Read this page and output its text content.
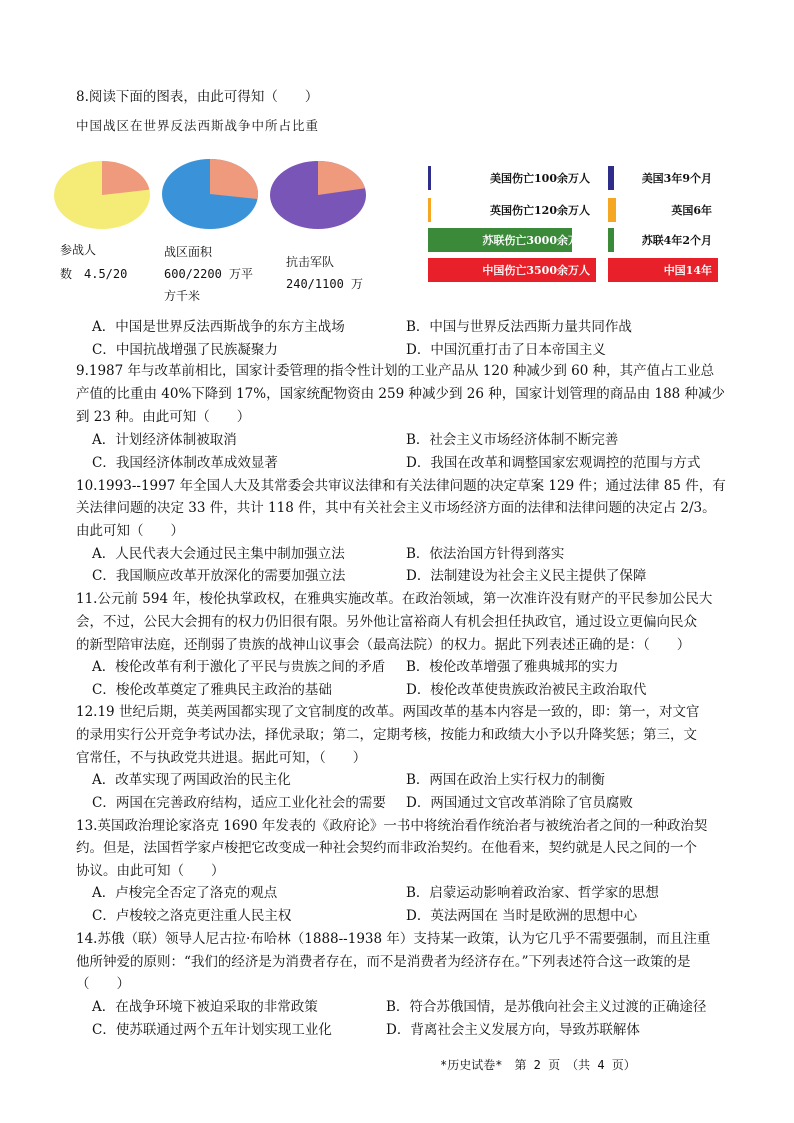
8.阅读下面的图表，由此可得知（　　）
中国战区在世界反法西斯战争中所占比重
参战人
数　4.5/20
战区面积
600/2200 万平
方千米
抗击军队
240/1100 万
美国伤亡100余万人
英国伤亡120余万人
苏联伤亡3000余万人
中国伤亡3500余万人
美国3年9个月
英国6年
苏联4年2个月
中国14年
A．中国是世界反法西斯战争的东方主战场	B．中国与世界反法西斯力量共同作战
C．中国抗战增强了民族凝聚力	D．中国沉重打击了日本帝国主义
9.1987 年与改革前相比，国家计委管理的指令性计划的工业产品从 120 种减少到 60 种，其产值占工业总
产值的比重由 40%下降到 17%，国家统配物资由 259 种减少到 26 种，国家计划管理的商品由 188 种减少
到 23 种。由此可知（　　）
A．计划经济体制被取消	B．社会主义市场经济体制不断完善
C．我国经济体制改革成效显著	D．我国在改革和调整国家宏观调控的范围与方式
10.1993--1997 年全国人大及其常委会共审议法律和有关法律问题的决定草案 129 件；通过法律 85 件，有
关法律问题的决定 33 件，共计 118 件，其中有关社会主义市场经济方面的法律和法律问题的决定占 2/3。
由此可知（　　）
A．人民代表大会通过民主集中制加强立法	B．依法治国方针得到落实
C．我国顺应改革开放深化的需要加强立法	D．法制建设为社会主义民主提供了保障
11.公元前 594 年，梭伦执掌政权，在雅典实施改革。在政治领域，第一次准许没有财产的平民参加公民大
会，不过，公民大会拥有的权力仍旧很有限。另外他让富裕商人有机会担任执政官，通过设立更偏向民众
的新型陪审法庭，还削弱了贵族的战神山议事会（最高法院）的权力。据此下列表述正确的是：（　　）
A．梭伦改革有利于激化了平民与贵族之间的矛盾 B．梭伦改革增强了雅典城邦的实力
C．梭伦改革奠定了雅典民主政治的基础	D．梭伦改革使贵族政治被民主政治取代
12.19 世纪后期，英美两国都实现了文官制度的改革。两国改革的基本内容是一致的，即：第一，对文官
的录用实行公开竞争考试办法，择优录取；第二，定期考核，按能力和政绩大小予以升降奖惩；第三，文
官常任，不与执政党共进退。据此可知，（　　）
A．改革实现了两国政治的民主化	B．两国在政治上实行权力的制衡
C．两国在完善政府结构，适应工业化社会的需要 D．两国通过文官改革消除了官员腐败
13.英国政治理论家洛克 1690 年发表的《政府论》一书中将统治看作统治者与被统治者之间的一种政治契
约。但是，法国哲学家卢梭把它改变成一种社会契约而非政治契约。在他看来，契约就是人民之间的一个
协议。由此可知（　　）
A．卢梭完全否定了洛克的观点	B．启蒙运动影响着政治家、哲学家的思想
C．卢梭较之洛克更注重人民主权	D．英法两国在 当时是欧洲的思想中心
14.苏俄（联）领导人尼古拉·布哈林（1888--1938 年）支持某一政策，认为它几乎不需要强制，而且注重
他所钟爱的原则：“我们的经济是为消费者存在，而不是消费者为经济存在。”下列表述符合这一政策的是
（　　）
A．在战争环境下被迫采取的非常政策	B．符合苏俄国情，是苏俄向社会主义过渡的正确途径
C．使苏联通过两个五年计划实现工业化	D．背离社会主义发展方向，导致苏联解体
*历史试卷*　第 2 页　（共 4 页）
